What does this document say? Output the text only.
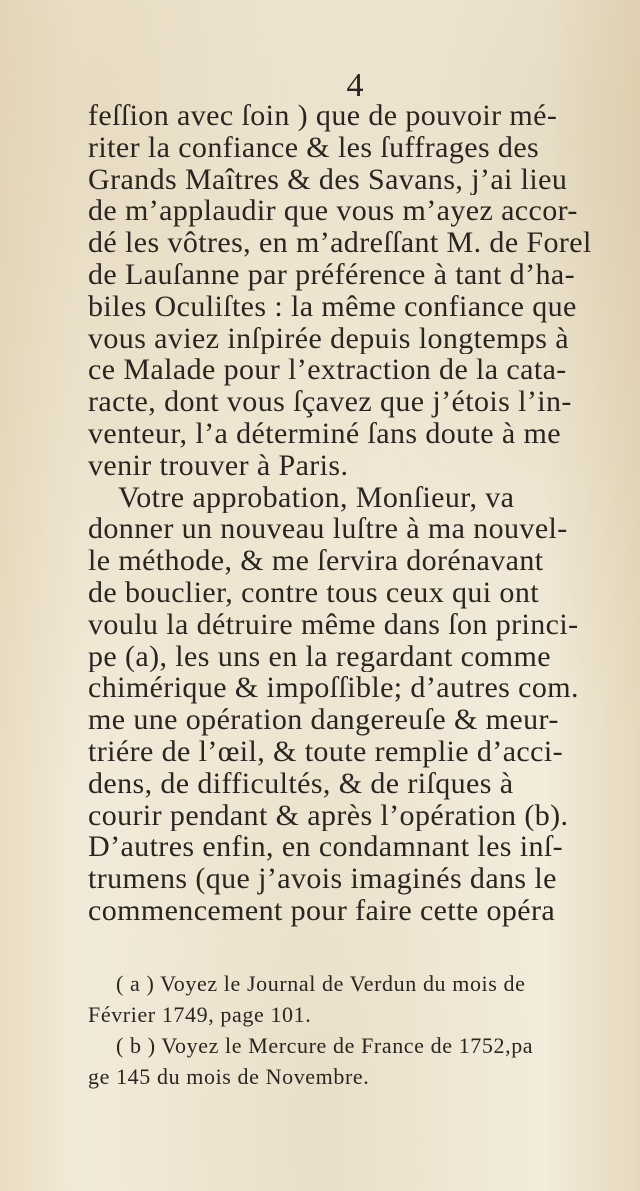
4
feſſion avec ſoin ) que de pouvoir mé-
riter la confiance & les ſuffrages des
Grands Maîtres & des Savans, j’ai lieu
de m’applaudir que vous m’ayez accor-
dé les vôtres, en m’adreſſant M. de Forel
de Lauſanne par préférence à tant d’ha-
biles Oculiſtes : la même confiance que
vous aviez inſpirée depuis longtemps à
ce Malade pour l’extraction de la cata-
racte, dont vous ſçavez que j’étois l’in-
venteur, l’a déterminé ſans doute à me
venir trouver à Paris.
Votre approbation, Monſieur, va
donner un nouveau luſtre à ma nouvel-
le méthode, & me ſervira dorénavant
de bouclier, contre tous ceux qui ont
voulu la détruire même dans ſon princi-
pe (a), les uns en la regardant comme
chimérique & impoſſible; d’autres com.
me une opération dangereuſe & meur-
triére de l’œil, & toute remplie d’acci-
dens, de difficultés, & de riſques à
courir pendant & après l’opération (b).
D’autres enfin, en condamnant les inſ-
trumens (que j’avois imaginés dans le
commencement pour faire cette opéra
( a ) Voyez le Journal de Verdun du mois de
Février 1749, page 101.
( b ) Voyez le Mercure de France de 1752,pa
ge 145 du mois de Novembre.
